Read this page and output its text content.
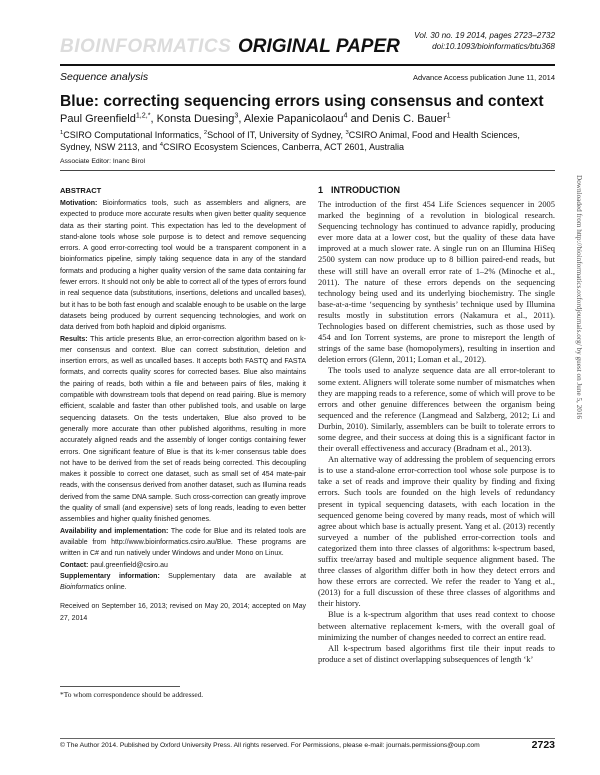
BIOINFORMATICS ORIGINAL PAPER
Vol. 30 no. 19 2014, pages 2723–2732
doi:10.1093/bioinformatics/btu368
Sequence analysis	Advance Access publication June 11, 2014
Blue: correcting sequencing errors using consensus and context
Paul Greenfield$^{1,2,*}$, Konsta Duesing$^3$, Alexie Papanicolaou$^4$ and Denis C. Bauer$^1$
$^1$CSIRO Computational Informatics, $^2$School of IT, University of Sydney, $^3$CSIRO Animal, Food and Health Sciences,
Sydney, NSW 2113, and $^4$CSIRO Ecosystem Sciences, Canberra, ACT 2601, Australia
Associate Editor: Inanc Birol
ABSTRACT

Motivation: Bioinformatics tools, such as assemblers and aligners, are expected to produce more accurate results when given better quality sequence data as their starting point. This expectation has led to the development of stand-alone tools whose sole purpose is to detect and remove sequencing errors. A good error-correcting tool would be a transparent component in a bioinformatics pipeline, simply taking sequence data in any of the standard formats and producing a higher quality version of the same data containing far fewer errors. It should not only be able to correct all of the types of errors found in real sequence data (substitutions, insertions, deletions and uncalled bases), but it has to be both fast enough and scalable enough to be usable on the large datasets being produced by current sequencing technologies, and work on data derived from both haploid and diploid organisms.

Results: This article presents Blue, an error-correction algorithm based on k-mer consensus and context. Blue can correct substitution, deletion and insertion errors, as well as uncalled bases. It accepts both FASTQ and FASTA formats, and corrects quality scores for corrected bases. Blue also maintains the pairing of reads, both within a file and between pairs of files, making it compatible with downstream tools that depend on read pairing. Blue is memory efficient, scalable and faster than other published tools, and usable on large sequencing datasets. On the tests undertaken, Blue also proved to be generally more accurate than other published algorithms, resulting in more accurately aligned reads and the assembly of longer contigs containing fewer errors. One significant feature of Blue is that its k-mer consensus table does not have to be derived from the set of reads being corrected. This decoupling makes it possible to correct one dataset, such as small set of 454 mate-pair reads, with the consensus derived from another dataset, such as Illumina reads derived from the same DNA sample. Such cross-correction can greatly improve the quality of small (and expensive) sets of long reads, leading to even better assemblies and higher quality finished genomes.

Availability and implementation: The code for Blue and its related tools are available from http://www.bioinformatics.csiro.au/Blue. These programs are written in C# and run natively under Windows and under Mono on Linux.

Contact: paul.greenfield@csiro.au

Supplementary information: Supplementary data are available at Bioinformatics online.

Received on September 16, 2013; revised on May 20, 2014; accepted on May 27, 2014

*To whom correspondence should be addressed.
1 INTRODUCTION

The introduction of the first 454 Life Sciences sequencer in 2005 marked the beginning of a revolution in biological research. Sequencing technology has continued to advance rapidly, producing ever more data at a lower cost, but the quality of these data have improved at a much slower rate. A single run on an Illumina HiSeq 2500 system can now produce up to 8 billion paired-end reads, but these will still have an overall error rate of 1–2% (Minoche et al., 2011). The nature of these errors depends on the sequencing technology being used and its underlying biochemistry. The single base-at-a-time ‘sequencing by synthesis’ technique used by Illumina results mostly in substitution errors (Nakamura et al., 2011). Technologies based on different chemistries, such as those used by 454 and Ion Torrent systems, are prone to misreport the length of strings of the same base (homopolymers), resulting in insertion and deletion errors (Glenn, 2011; Loman et al., 2012).

The tools used to analyze sequence data are all error-tolerant to some extent. Aligners will tolerate some number of mismatches when they are mapping reads to a reference, some of which will prove to be errors and other genuine differences between the organism being sequenced and the reference (Langmead and Salzberg, 2012; Li and Durbin, 2010). Similarly, assemblers can be built to tolerate errors to some degree, and their success at doing this is a significant factor in their overall effectiveness and accuracy (Bradnam et al., 2013).

An alternative way of addressing the problem of sequencing errors is to use a stand-alone error-correction tool whose sole purpose is to take a set of reads and improve their quality by finding and fixing errors. Such tools are founded on the high levels of redundancy present in typical sequencing datasets, with each location in the sequenced genome being covered by many reads, most of which will agree about which base is actually present. Yang et al. (2013) recently surveyed a number of the published error-correction tools and categorized them into three classes of algorithms: k-spectrum based, suffix tree/array based and multiple sequence alignment based. The three classes of algorithm differ both in how they detect errors and how these errors are corrected. We refer the reader to Yang et al., (2013) for a full discussion of these three classes of algorithms and their history.

Blue is a k-spectrum algorithm that uses read context to choose between alternative replacement k-mers, with the overall goal of minimizing the number of changes needed to correct an entire read.

All k-spectrum based algorithms first tile their input reads to produce a set of distinct overlapping subsequences of length ‘k’

Downloaded from http://bioinformatics.oxfordjournals.org/ by guest on June 5, 2016
© The Author 2014. Published by Oxford University Press. All rights reserved. For Permissions, please e-mail: journals.permissions@oup.com	2723
